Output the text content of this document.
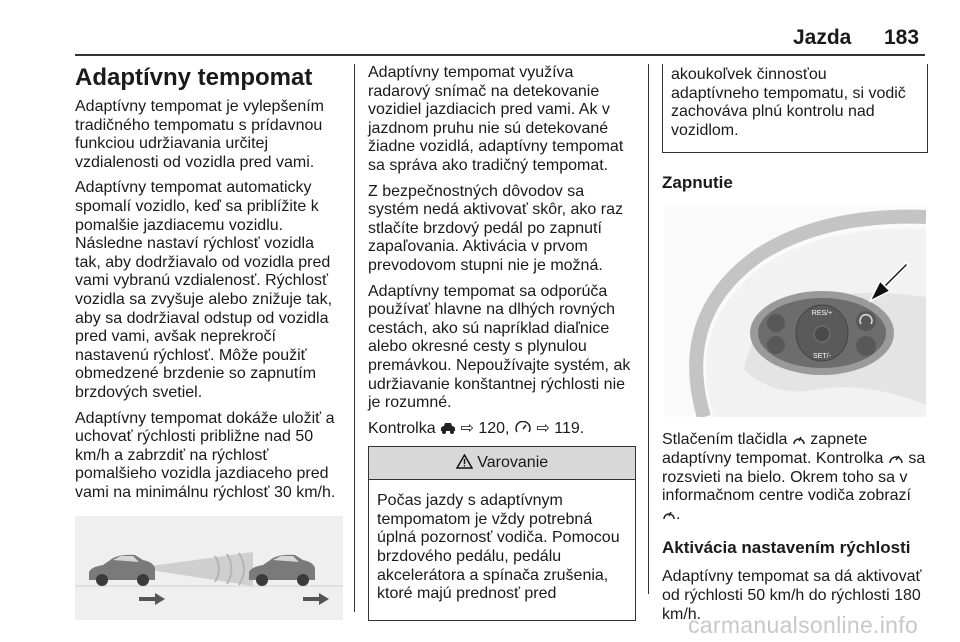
Jazda 183
Adaptívny tempomat

Adaptívny tempomat je vylepšením tradičného tempomatu s prídavnou funkciou udržiavania určitej vzdialenosti od vozidla pred vami.

Adaptívny tempomat automaticky spomalí vozidlo, keď sa priblížite k pomalšie jazdiacemu vozidlu. Následne nastaví rýchlosť vozidla tak, aby dodržiavalo od vozidla pred vami vybranú vzdialenosť. Rýchlosť vozidla sa zvyšuje alebo znižuje tak, aby sa dodržiaval odstup od vozidla pred vami, avšak neprekročí nastavenú rýchlosť. Môže použiť obmedzené brzdenie so zapnutím brzdových svetiel.

Adaptívny tempomat dokáže uložiť a uchovať rýchlosti približne nad 50 km/h a zabrzdiť na rýchlosť pomalšieho vozidla jazdiaceho pred vami na minimálnu rýchlosť 30 km/h.

Adaptívny tempomat využíva radarový snímač na detekovanie vozidiel jazdiacich pred vami. Ak v jazdnom pruhu nie sú detekované žiadne vozidlá, adaptívny tempomat sa správa ako tradičný tempomat.

Z bezpečnostných dôvodov sa systém nedá aktivovať skôr, ako raz stlačíte brzdový pedál po zapnutí zapaľovania. Aktivácia v prvom prevodovom stupni nie je možná.

Adaptívny tempomat sa odporúča používať hlavne na dlhých rovných cestách, ako sú napríklad diaľnice alebo okresné cesty s plynulou premávkou. Nepoužívajte systém, ak udržiavanie konštantnej rýchlosti nie je rozumné.

Kontrolka ⇨ 120, ⇨ 119.

Varovanie
Počas jazdy s adaptívnym tempomatom je vždy potrebná úplná pozornosť vodiča. Pomocou brzdového pedálu, pedálu akcelerátora a spínača zrušenia, ktoré majú prednosť pred
akoukoľvek činnosťou adaptívneho tempomatu, si vodič zachováva plnú kontrolu nad vozidlom.
Zapnutie
RES/+
SET/-

Stlačením tlačidla zapnete adaptívny tempomat. Kontrolka sa rozsvieti na bielo. Okrem toho sa v informačnom centre vodiča zobrazí .

Aktivácia nastavením rýchlosti

Adaptívny tempomat sa dá aktivovať od rýchlosti 50 km/h do rýchlosti 180 km/h.

carmanualsonline.info
